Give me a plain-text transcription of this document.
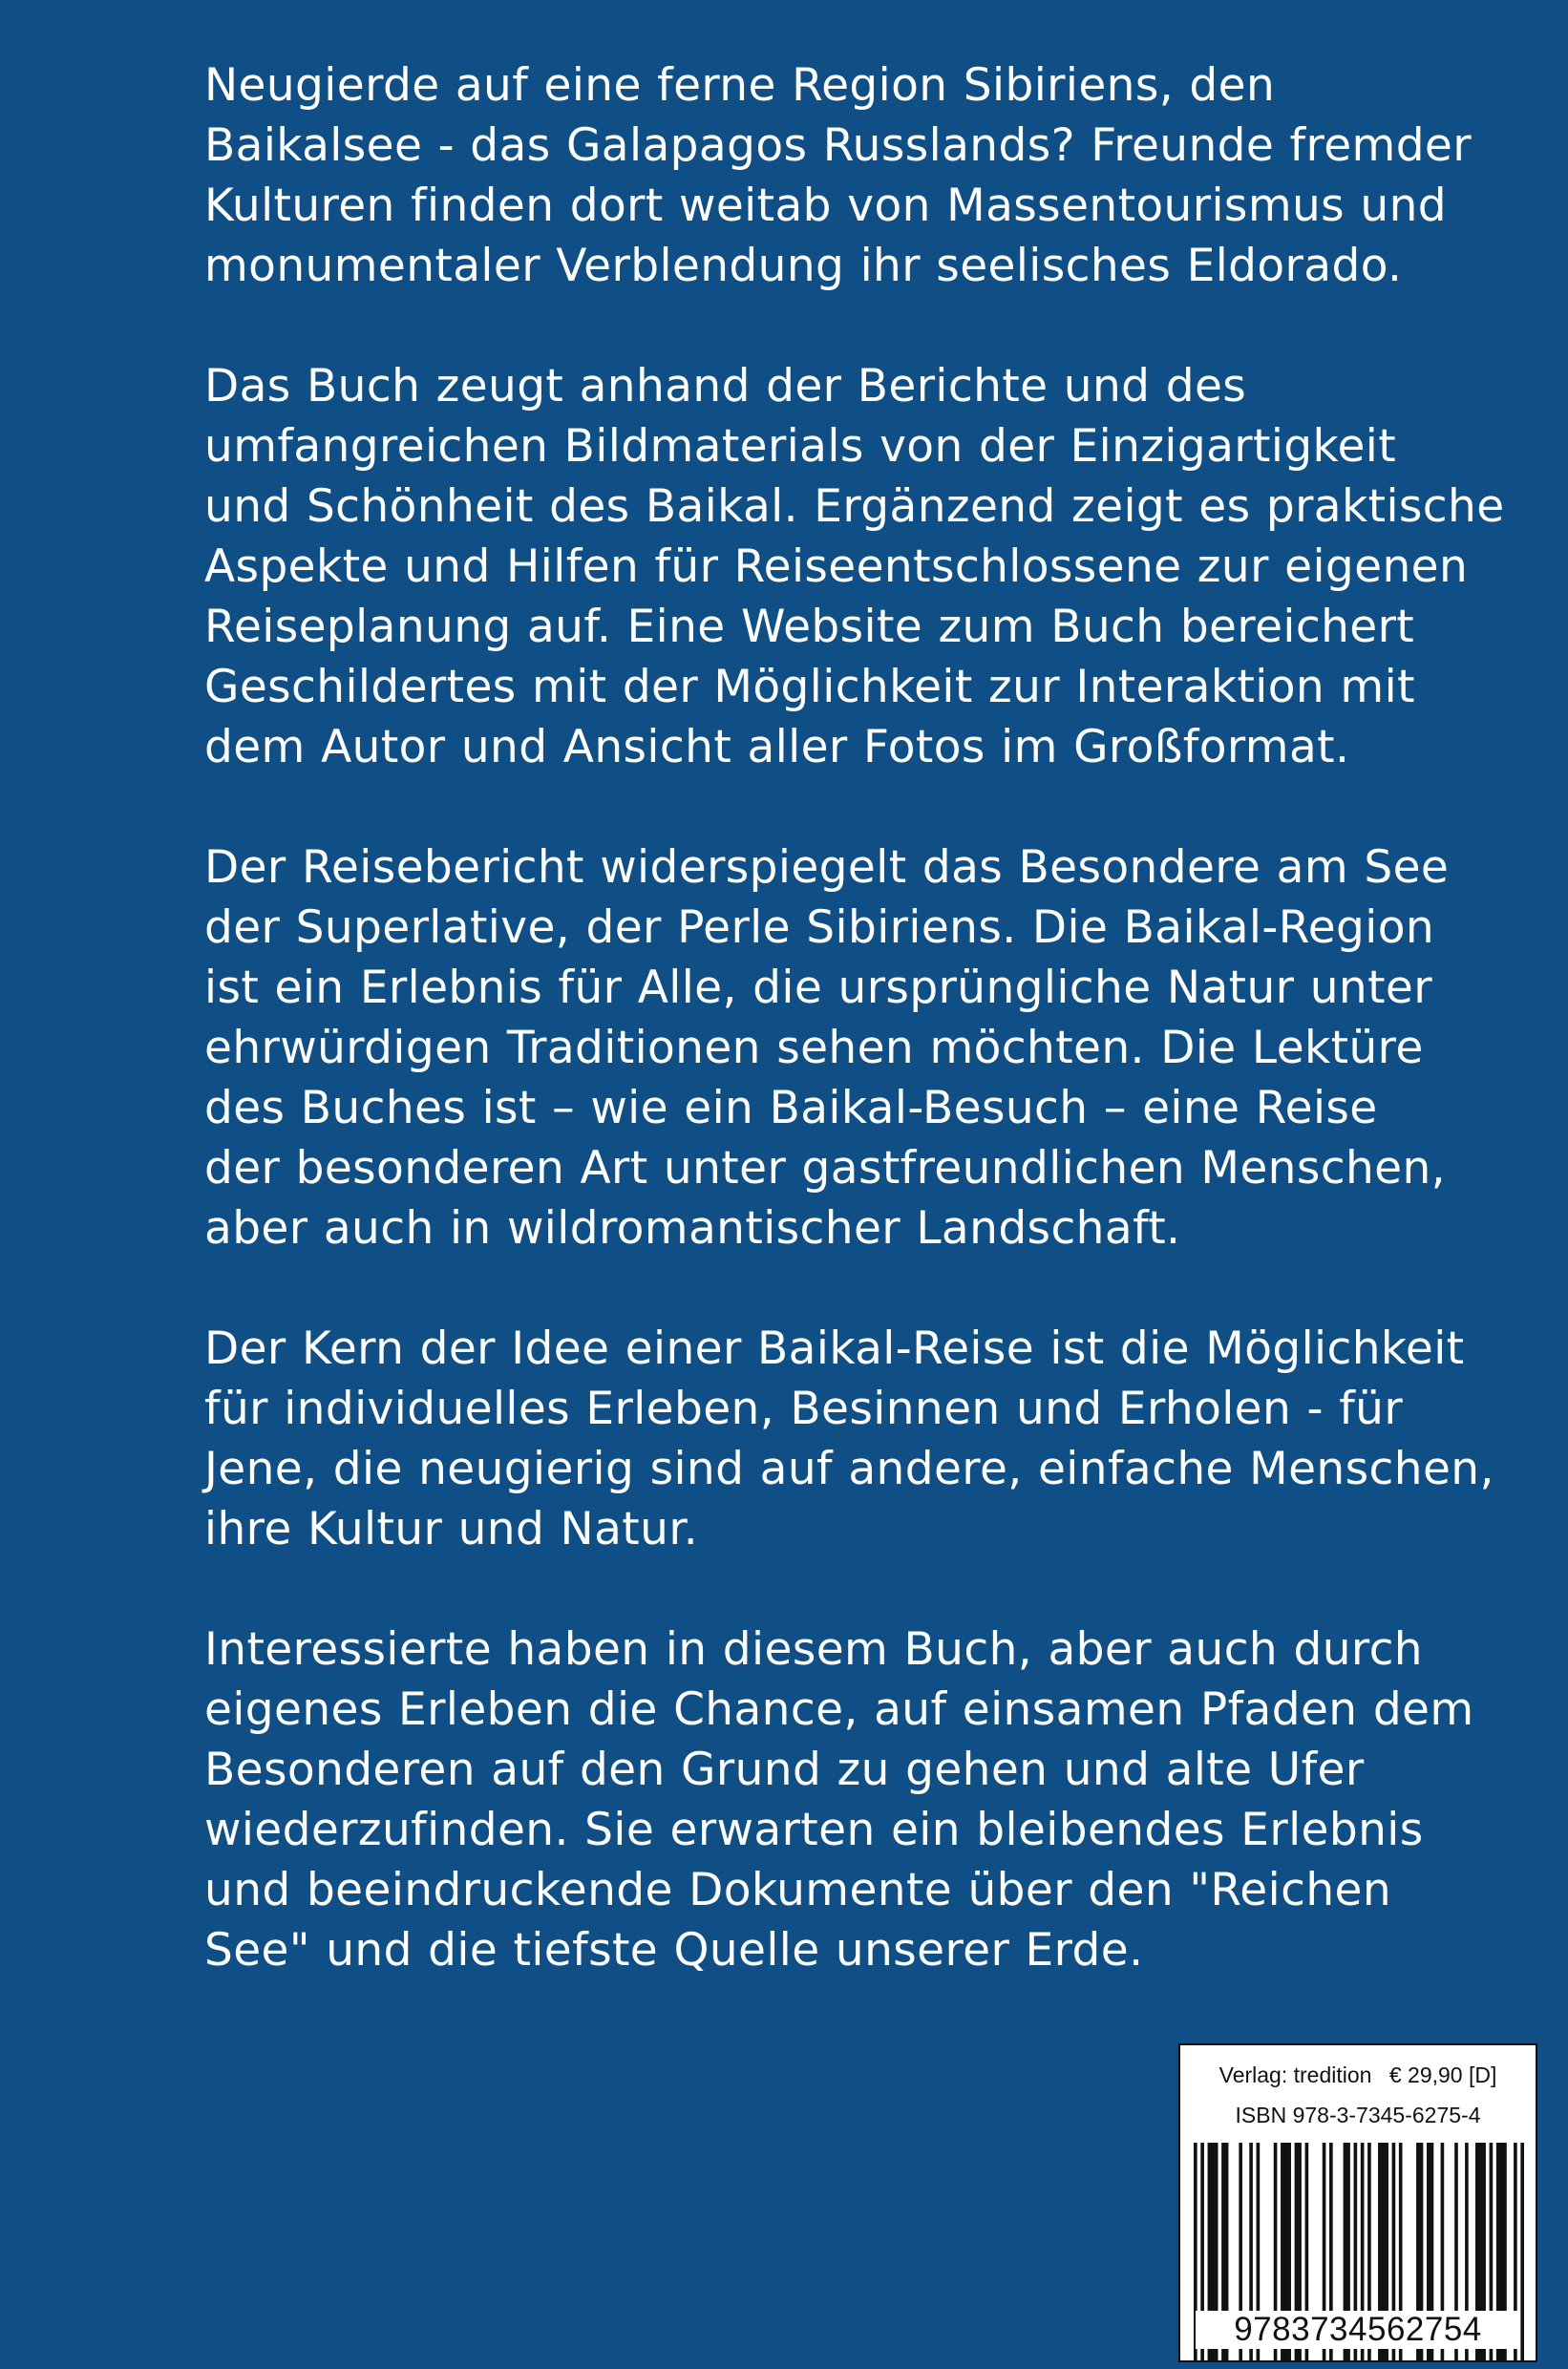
Neugierde auf eine ferne Region Sibiriens, den
Baikalsee - das Galapagos Russlands? Freunde fremder
Kulturen finden dort weitab von Massentourismus und
monumentaler Verblendung ihr seelisches Eldorado.

Das Buch zeugt anhand der Berichte und des
umfangreichen Bildmaterials von der Einzigartigkeit
und Schönheit des Baikal. Ergänzend zeigt es praktische
Aspekte und Hilfen für Reiseentschlossene zur eigenen
Reiseplanung auf. Eine Website zum Buch bereichert
Geschildertes mit der Möglichkeit zur Interaktion mit
dem Autor und Ansicht aller Fotos im Großformat.

Der Reisebericht widerspiegelt das Besondere am See
der Superlative, der Perle Sibiriens. Die Baikal-Region
ist ein Erlebnis für Alle, die ursprüngliche Natur unter
ehrwürdigen Traditionen sehen möchten. Die Lektüre
des Buches ist – wie ein Baikal-Besuch – eine Reise
der besonderen Art unter gastfreundlichen Menschen,
aber auch in wildromantischer Landschaft.

Der Kern der Idee einer Baikal-Reise ist die Möglichkeit
für individuelles Erleben, Besinnen und Erholen - für
Jene, die neugierig sind auf andere, einfache Menschen,
ihre Kultur und Natur.

Interessierte haben in diesem Buch, aber auch durch
eigenes Erleben die Chance, auf einsamen Pfaden dem
Besonderen auf den Grund zu gehen und alte Ufer
wiederzufinden. Sie erwarten ein bleibendes Erlebnis
und beeindruckende Dokumente über den "Reichen
See" und die tiefste Quelle unserer Erde.

Verlag: tredition € 29,90 [D]
ISBN 978-3-7345-6275-4
9783734562754
